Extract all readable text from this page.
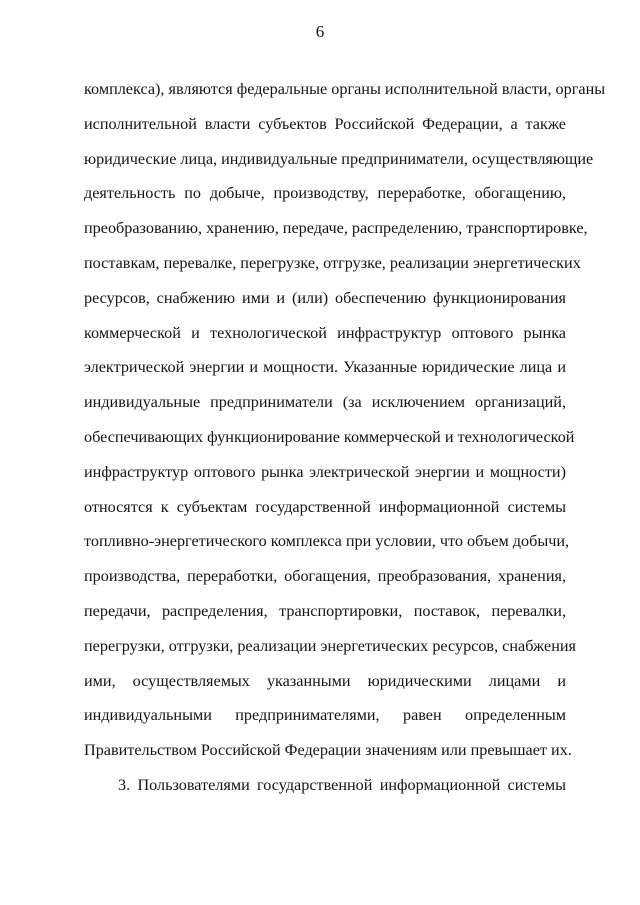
6
комплекса), являются федеральные органы исполнительной власти, органы
исполнительной власти субъектов Российской Федерации, а также
юридические лица, индивидуальные предприниматели, осуществляющие
деятельность по добыче, производству, переработке, обогащению,
преобразованию, хранению, передаче, распределению, транспортировке,
поставкам, перевалке, перегрузке, отгрузке, реализации энергетических
ресурсов, снабжению ими и (или) обеспечению функционирования
коммерческой и технологической инфраструктур оптового рынка
электрической энергии и мощности. Указанные юридические лица и
индивидуальные предприниматели (за исключением организаций,
обеспечивающих функционирование коммерческой и технологической
инфраструктур оптового рынка электрической энергии и мощности)
относятся к субъектам государственной информационной системы
топливно-энергетического комплекса при условии, что объем добычи,
производства, переработки, обогащения, преобразования, хранения,
передачи, распределения, транспортировки, поставок, перевалки,
перегрузки, отгрузки, реализации энергетических ресурсов, снабжения
ими, осуществляемых указанными юридическими лицами и
индивидуальными предпринимателями, равен определенным
Правительством Российской Федерации значениям или превышает их.
3. Пользователями государственной информационной системы
